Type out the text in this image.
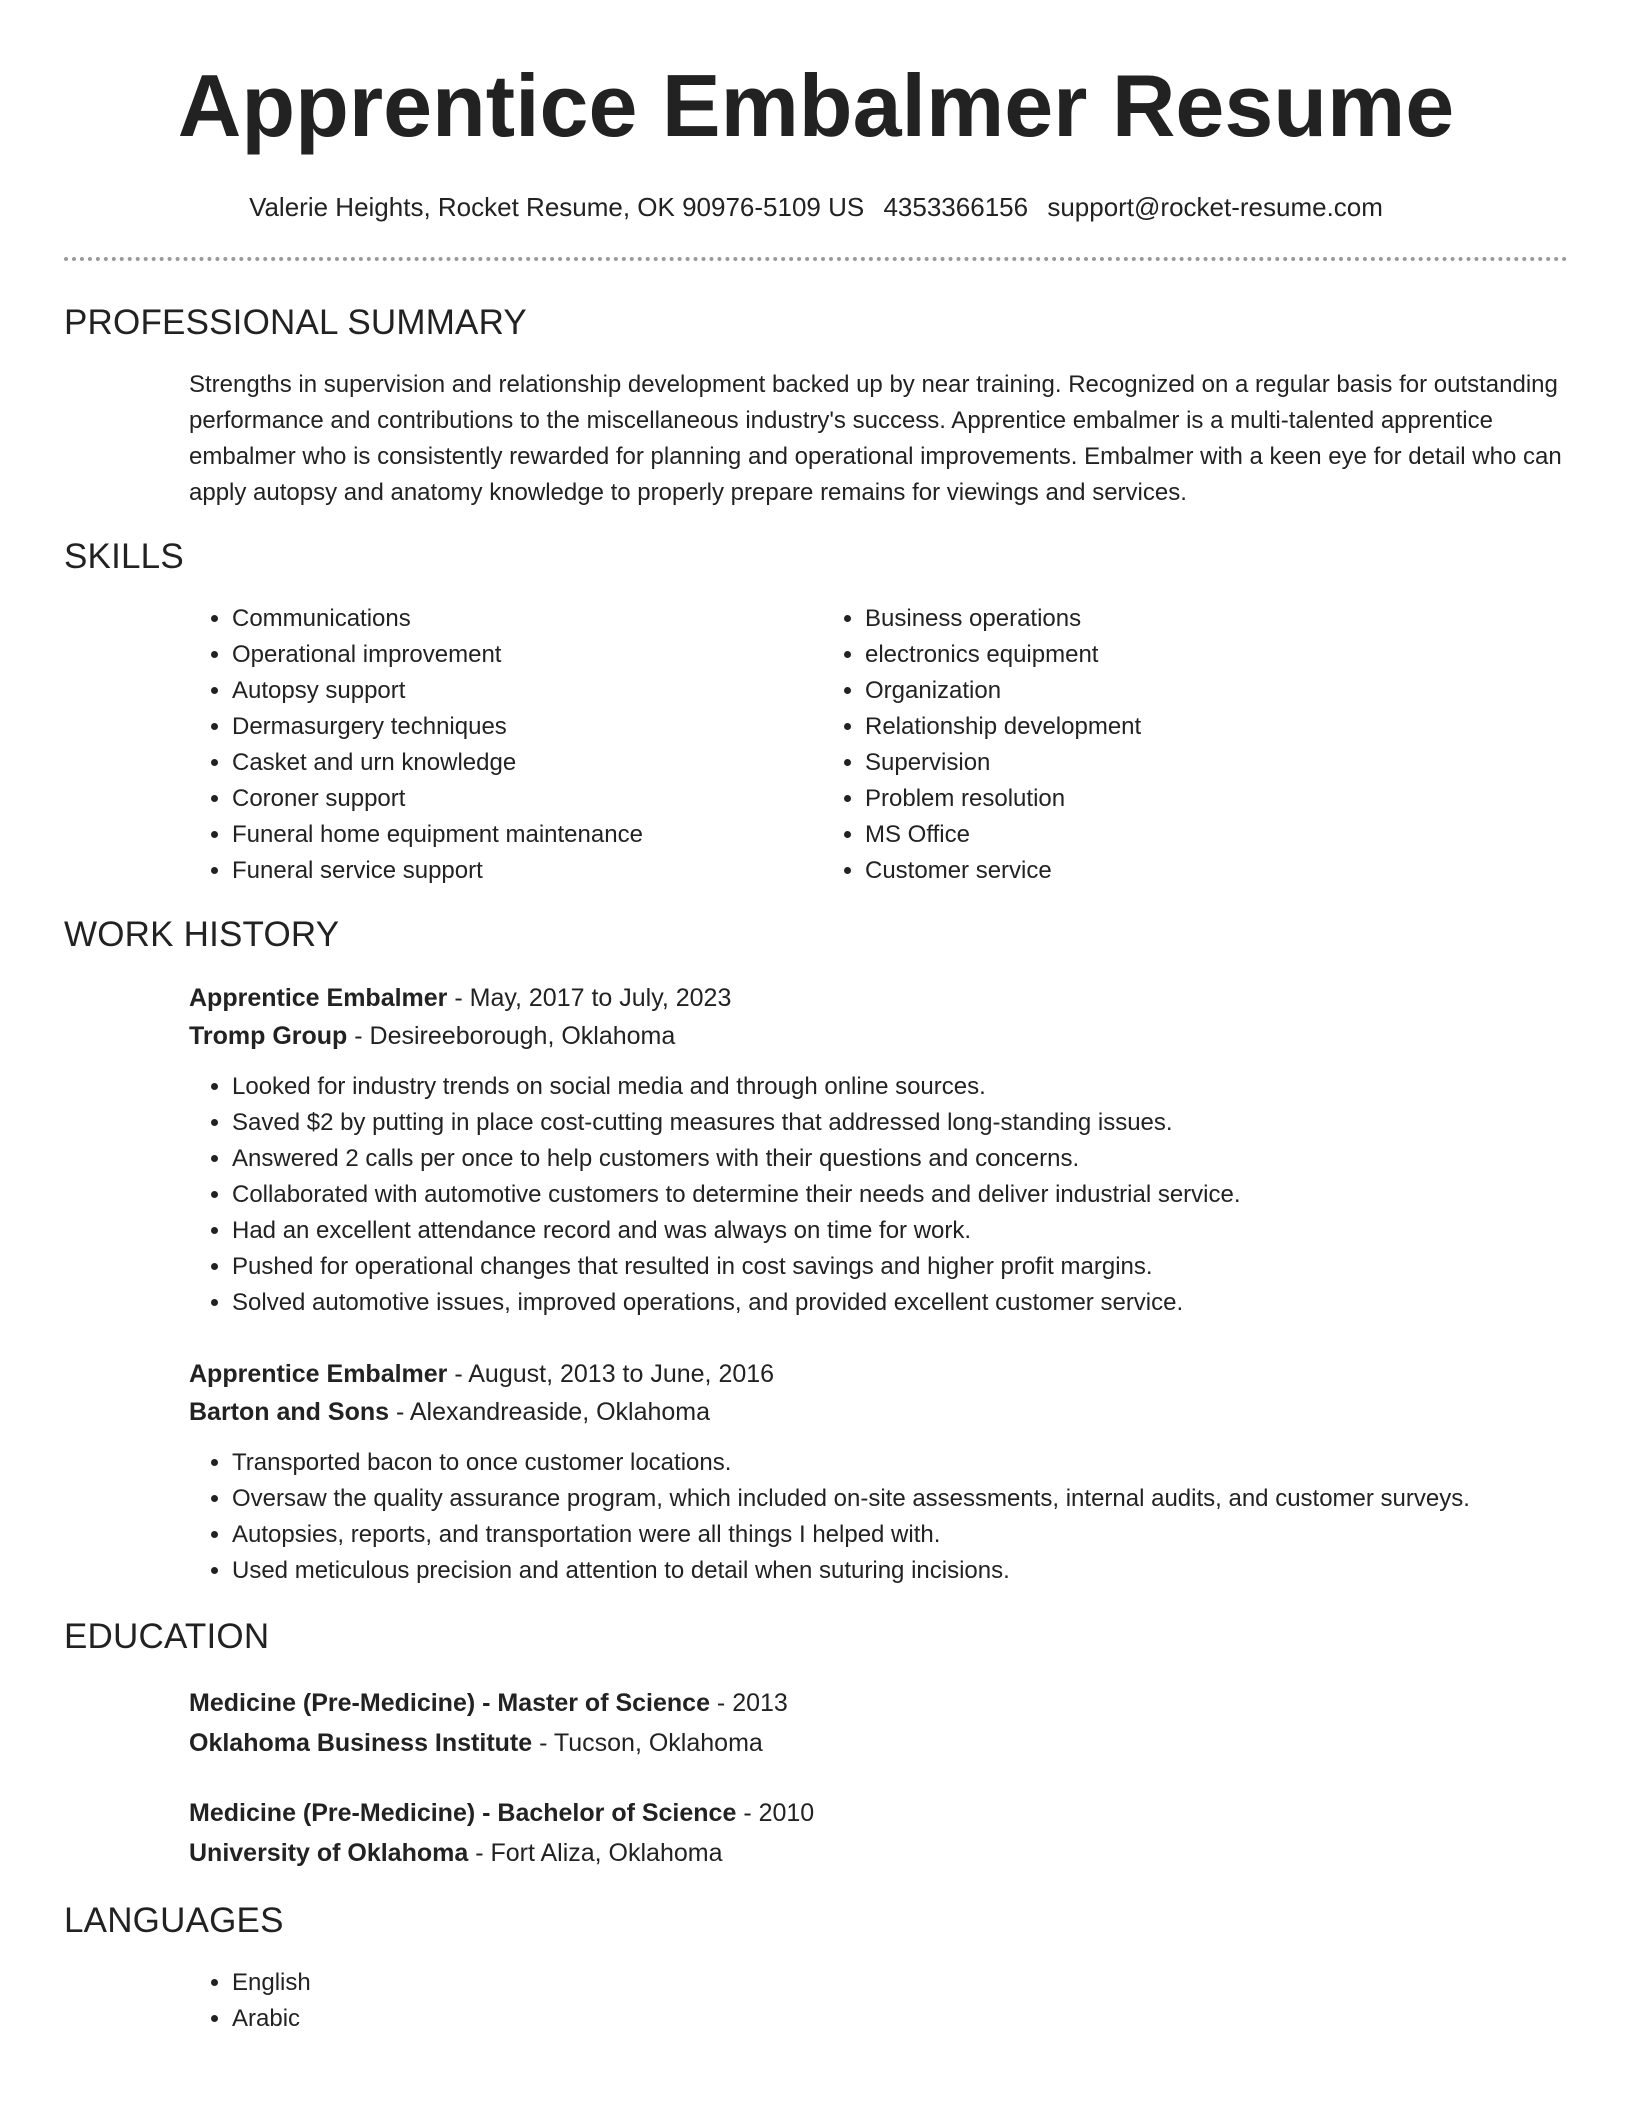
Apprentice Embalmer Resume
Valerie Heights, Rocket Resume, OK 90976-5109 US 4353366156 support@rocket-resume.com
PROFESSIONAL SUMMARY

Strengths in supervision and relationship development backed up by near training. Recognized on a regular basis for outstanding performance and contributions to the miscellaneous industry's success. Apprentice embalmer is a multi-talented apprentice embalmer who is consistently rewarded for planning and operational improvements. Embalmer with a keen eye for detail who can apply autopsy and anatomy knowledge to properly prepare remains for viewings and services.

SKILLS
• Communications
• Operational improvement
• Autopsy support
• Dermasurgery techniques
• Casket and urn knowledge
• Coroner support
• Funeral home equipment maintenance
• Funeral service support
• Business operations
• electronics equipment
• Organization
• Relationship development
• Supervision
• Problem resolution
• MS Office
• Customer service
WORK HISTORY
Apprentice Embalmer - May, 2017 to July, 2023
Tromp Group - Desireeborough, Oklahoma
• Looked for industry trends on social media and through online sources.
• Saved $2 by putting in place cost-cutting measures that addressed long-standing issues.
• Answered 2 calls per once to help customers with their questions and concerns.
• Collaborated with automotive customers to determine their needs and deliver industrial service.
• Had an excellent attendance record and was always on time for work.
• Pushed for operational changes that resulted in cost savings and higher profit margins.
• Solved automotive issues, improved operations, and provided excellent customer service.
Apprentice Embalmer - August, 2013 to June, 2016
Barton and Sons - Alexandreaside, Oklahoma
• Transported bacon to once customer locations.
• Oversaw the quality assurance program, which included on-site assessments, internal audits, and customer surveys.
• Autopsies, reports, and transportation were all things I helped with.
• Used meticulous precision and attention to detail when suturing incisions.
EDUCATION
Medicine (Pre-Medicine) - Master of Science - 2013
Oklahoma Business Institute - Tucson, Oklahoma
Medicine (Pre-Medicine) - Bachelor of Science - 2010
University of Oklahoma - Fort Aliza, Oklahoma
LANGUAGES
• English
• Arabic
